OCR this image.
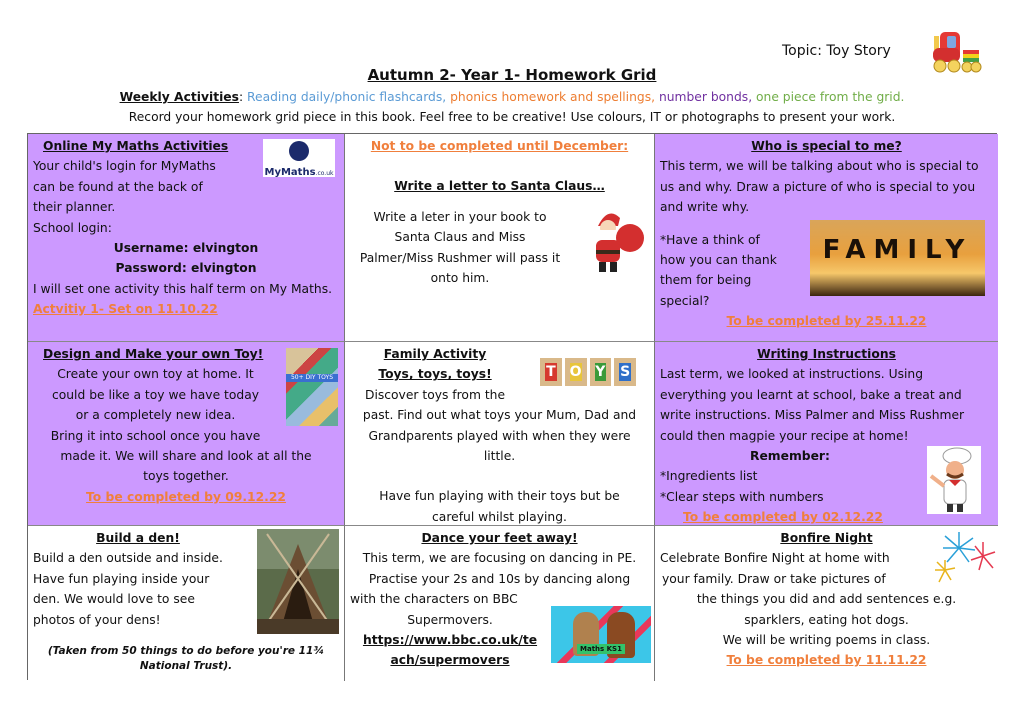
Topic: Toy Story
Autumn 2- Year 1- Homework Grid
Weekly Activities: Reading daily/phonic flashcards, phonics homework and spellings, number bonds, one piece from the grid.
Record your homework grid piece in this book. Feel free to be creative! Use colours, IT or photographs to present your work.
Online My Maths Activities
Your child's login for MyMaths
can be found at the back of
their planner.
School login:
Username: elvington
Password: elvington
I will set one activity this half term on My Maths.
Actvitiy 1- Set on 11.10.22
MyMaths.co.uk
Not to be completed until December:
Write a letter to Santa Claus…
Write a leter in your book to
Santa Claus and Miss
Palmer/Miss Rushmer will pass it
onto him.
Who is special to me?
This term, we will be talking about who is special to us and why. Draw a picture of who is special to you and write why.
*Have a think of
how you can thank
them for being
special?
To be completed by 25.11.22
FAMILY
Design and Make your own Toy!
Create your own toy at home. It
could be like a toy we have today
or a completely new idea.
Bring it into school once you have
made it. We will share and look at all the
toys together.
To be completed by 09.12.22
50+ DIY TOYS
Family Activity
Toys, toys, toys!
Discover toys from the
past. Find out what toys your Mum, Dad and
Grandparents played with when they were
little.
Have fun playing with their toys but be
careful whilst playing.
T	O Y	S
Writing Instructions
Last term, we looked at instructions. Using everything you learnt at school, bake a treat and write instructions. Miss Palmer and Miss Rushmer could then magpie your recipe at home!
Remember:
*Ingredients list
*Clear steps with numbers
To be completed by 02.12.22
Build a den!
Build a den outside and inside.
Have fun playing inside your
den. We would love to see
photos of your dens!
(Taken from 50 things to do before you're 11¾
National Trust).
Dance your feet away!
This term, we are focusing on dancing in PE.
Practise your 2s and 10s by dancing along
with the characters on BBC
Supermovers.
https://www.bbc.co.uk/te
ach/supermovers
Maths KS1
Bonfire Night
Celebrate Bonfire Night at home with
your family. Draw or take pictures of
the things you did and add sentences e.g.
sparklers, eating hot dogs.
We will be writing poems in class.
To be completed by 11.11.22
